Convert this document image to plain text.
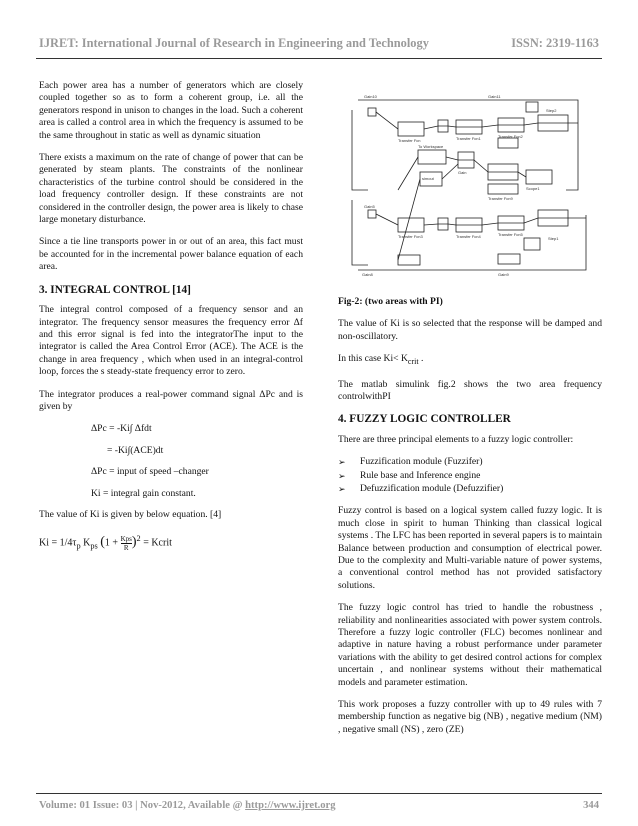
IJRET: International Journal of Research in Engineering and Technology	ISSN: 2319-1163

Each power area has a number of generators which are closely coupled together so as to form a coherent group, i.e. all the generators respond in unison to changes in the load. Such a coherent area is called a control area in which the frequency is assumed to be the same throughout in static as well as dynamic situation

There exists a maximum on the rate of change of power that can be generated by steam plants. The constraints of the nonlinear characteristics of the turbine control should be considered in the load frequency controller design. If these constraints are not considered in the controller design, the power area is likely to chase large monetary disturbance.

Since a tie line transports power in or out of an area, this fact must be accounted for in the incremental power balance equation of each area.

3. INTEGRAL CONTROL [14]

The integral control composed of a frequency sensor and an integrator. The frequency sensor measures the frequency error Δf and this error signal is fed into the integratorThe input to the integrator is called the Area Control Error (ACE). The ACE is the change in area frequency , which when used in an integral-control loop, forces the s steady-state frequency error to zero.

The integrator produces a real-power command signal ΔPc and is given by

ΔPc = -Ki∫ Δfdt
= -Ki∫(ACE)dt
ΔPc = input of speed –changer
Ki = integral gain constant.

The value of Ki is given by below equation. [4]

$Ki = 1/4\tau_p$ $K_{ps}$ (1 + Kps
R )$^2$ = Kcrit
Gain10	Gain11
Step2
Transfer Fcn	Transfer Fcn1	Transfer Fcn2
To Workspace
simout
Gain
Transfer Fcn9
Scope1
Transfer Fcn3	Transfer Fcn4	Transfer Fcn5
Gain5
Gain8	Gain9
Step1

Fig-2: (two areas with PI)

The value of Ki is so selected that the response will be damped and non-oscillatory.

In this case $Ki< K_{crit}$ .

The matlab simulink fig.2 shows the two area frequency controlwithPI

4. FUZZY LOGIC CONTROLLER

There are three principal elements to a fuzzy logic controller:

➢ Fuzzification module (Fuzzifer)
➢ Rule base and Inference engine
➢ Defuzzification module (Defuzzifier)

Fuzzy control is based on a logical system called fuzzy logic. It is much close in spirit to human Thinking than classical logical systems . The LFC has been reported in several papers is to maintain Balance between production and consumption of electrical power. Due to the complexity and Multi-variable nature of power systems, a conventional control method has not provided satisfactory solutions.

The fuzzy logic control has tried to handle the robustness , reliability and nonlinearities associated with power system controls. Therefore a fuzzy logic controller (FLC) becomes nonlinear and adaptive in nature having a robust performance under parameter variations with the ability to get desired control actions for complex uncertain , and nonlinear systems without their mathematical models and parameter estimation.

This work proposes a fuzzy controller with up to 49 rules with 7 membership function as negative big (NB) , negative medium (NM) , negative small (NS) , zero (ZE)

Volume: 01 Issue: 03 | Nov-2012, Available @ http://www.ijret.org	344
